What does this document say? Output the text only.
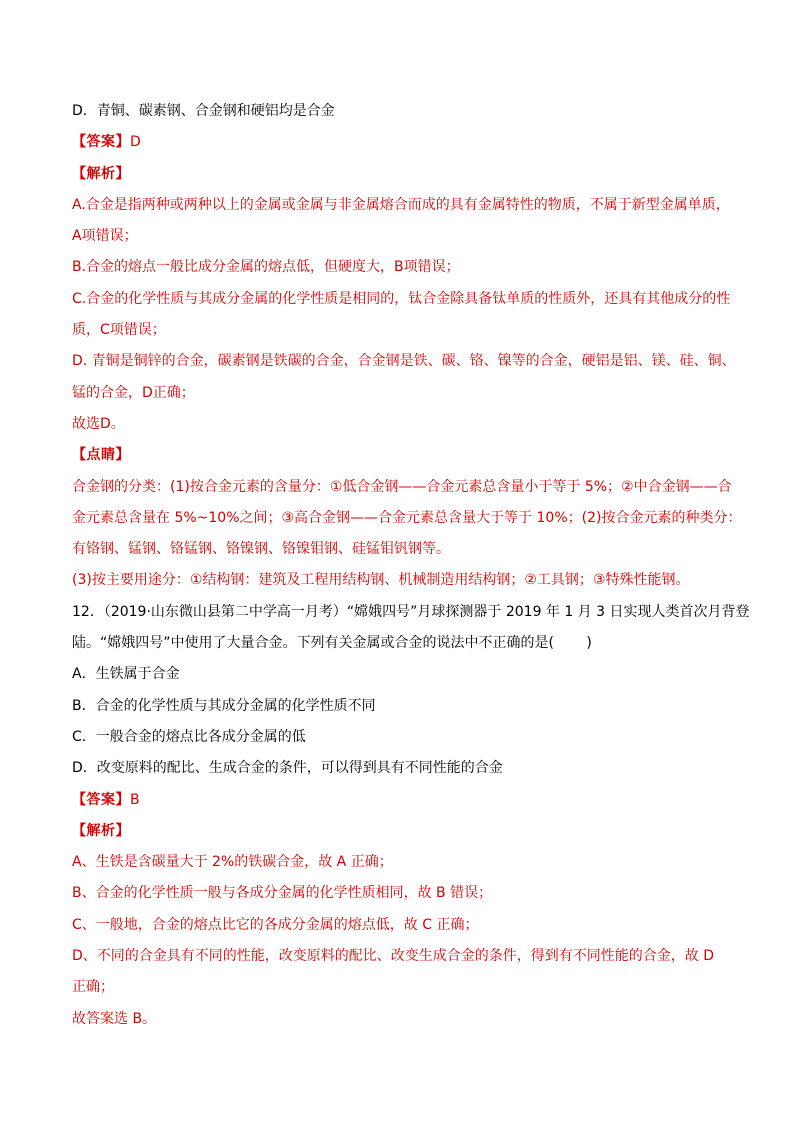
D．青铜、碳素钢、合金钢和硬铝均是合金
【答案】D
【解析】
A.合金是指两种或两种以上的金属或金属与非金属熔合而成的具有金属特性的物质，不属于新型金属单质，
A项错误；
B.合金的熔点一般比成分金属的熔点低，但硬度大，B项错误；
C.合金的化学性质与其成分金属的化学性质是相同的，钛合金除具备钛单质的性质外，还具有其他成分的性
质，C项错误；
D. 青铜是铜锌的合金，碳素钢是铁碳的合金，合金钢是铁、碳、铬、镍等的合金，硬铝是铝、镁、硅、铜、
锰的合金，D正确；
故选D。
【点睛】
合金钢的分类：(1)按合金元素的含量分：①低合金钢——合金元素总含量小于等于 5%；②中合金钢——合
金元素总含量在 5%~10%之间；③高合金钢——合金元素总含量大于等于 10%；(2)按合金元素的种类分：
有铬钢、锰钢、铬锰钢、铬镍钢、铬镍钼钢、硅锰钼钒钢等。
(3)按主要用途分：①结构钢：建筑及工程用结构钢、机械制造用结构钢；②工具钢；③特殊性能钢。
12．（2019·山东微山县第二中学高一月考）“嫦娥四号”月球探测器于 2019 年 1 月 3 日实现人类首次月背登
陆。“嫦娥四号”中使用了大量合金。下列有关金属或合金的说法中不正确的是(　　 )
A．生铁属于合金
B．合金的化学性质与其成分金属的化学性质不同
C．一般合金的熔点比各成分金属的低
D．改变原料的配比、生成合金的条件，可以得到具有不同性能的合金
【答案】B
【解析】
A、生铁是含碳量大于 2%的铁碳合金，故 A 正确；
B、合金的化学性质一般与各成分金属的化学性质相同，故 B 错误；
C、一般地，合金的熔点比它的各成分金属的熔点低，故 C 正确；
D、不同的合金具有不同的性能，改变原料的配比、改变生成合金的条件，得到有不同性能的合金，故 D
正确；
故答案选 B。
